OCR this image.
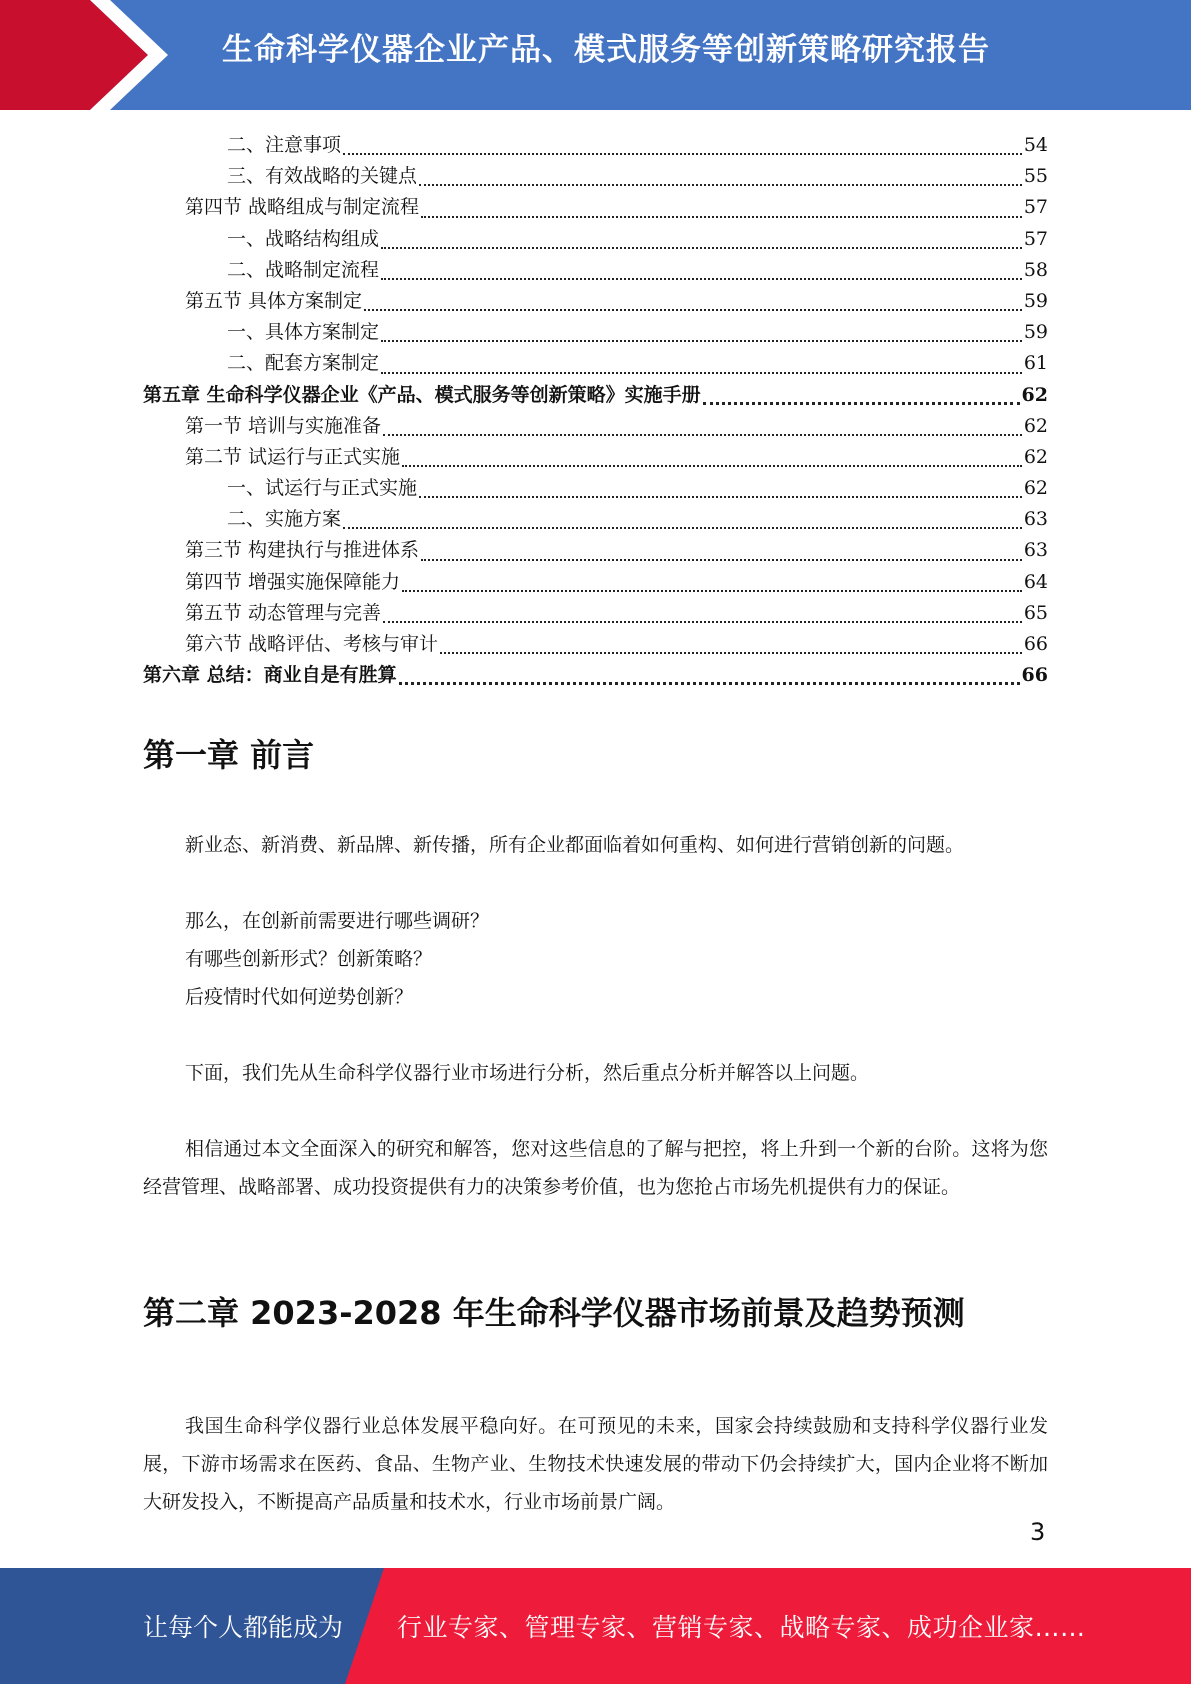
生命科学仪器企业产品、模式服务等创新策略研究报告
二、注意事项	54
三、有效战略的关键点	55
第四节 战略组成与制定流程	57
一、战略结构组成	57
二、战略制定流程	58
第五节 具体方案制定	59
一、具体方案制定	59
二、配套方案制定	61
第五章 生命科学仪器企业《产品、模式服务等创新策略》实施手册	62
第一节 培训与实施准备	62
第二节 试运行与正式实施	62
一、试运行与正式实施	62
二、实施方案	63
第三节 构建执行与推进体系	63
第四节 增强实施保障能力	64
第五节 动态管理与完善	65
第六节 战略评估、考核与审计	66
第六章 总结：商业自是有胜算	66
第一章 前言
新业态、新消费、新品牌、新传播，所有企业都面临着如何重构、如何进行营销创新的问题。
那么，在创新前需要进行哪些调研？
有哪些创新形式？创新策略？
后疫情时代如何逆势创新？
下面，我们先从生命科学仪器行业市场进行分析，然后重点分析并解答以上问题。
相信通过本文全面深入的研究和解答，您对这些信息的了解与把控，将上升到一个新的台阶。这将为您经营管理、战略部署、成功投资提供有力的决策参考价值，也为您抢占市场先机提供有力的保证。
第二章 2023-2028 年生命科学仪器市场前景及趋势预测
我国生命科学仪器行业总体发展平稳向好。在可预见的未来，国家会持续鼓励和支持科学仪器行业发展，下游市场需求在医药、食品、生物产业、生物技术快速发展的带动下仍会持续扩大，国内企业将不断加大研发投入，不断提高产品质量和技术水，行业市场前景广阔。
3
让每个人都能成为 行业专家、管理专家、营销专家、战略专家、成功企业家……
